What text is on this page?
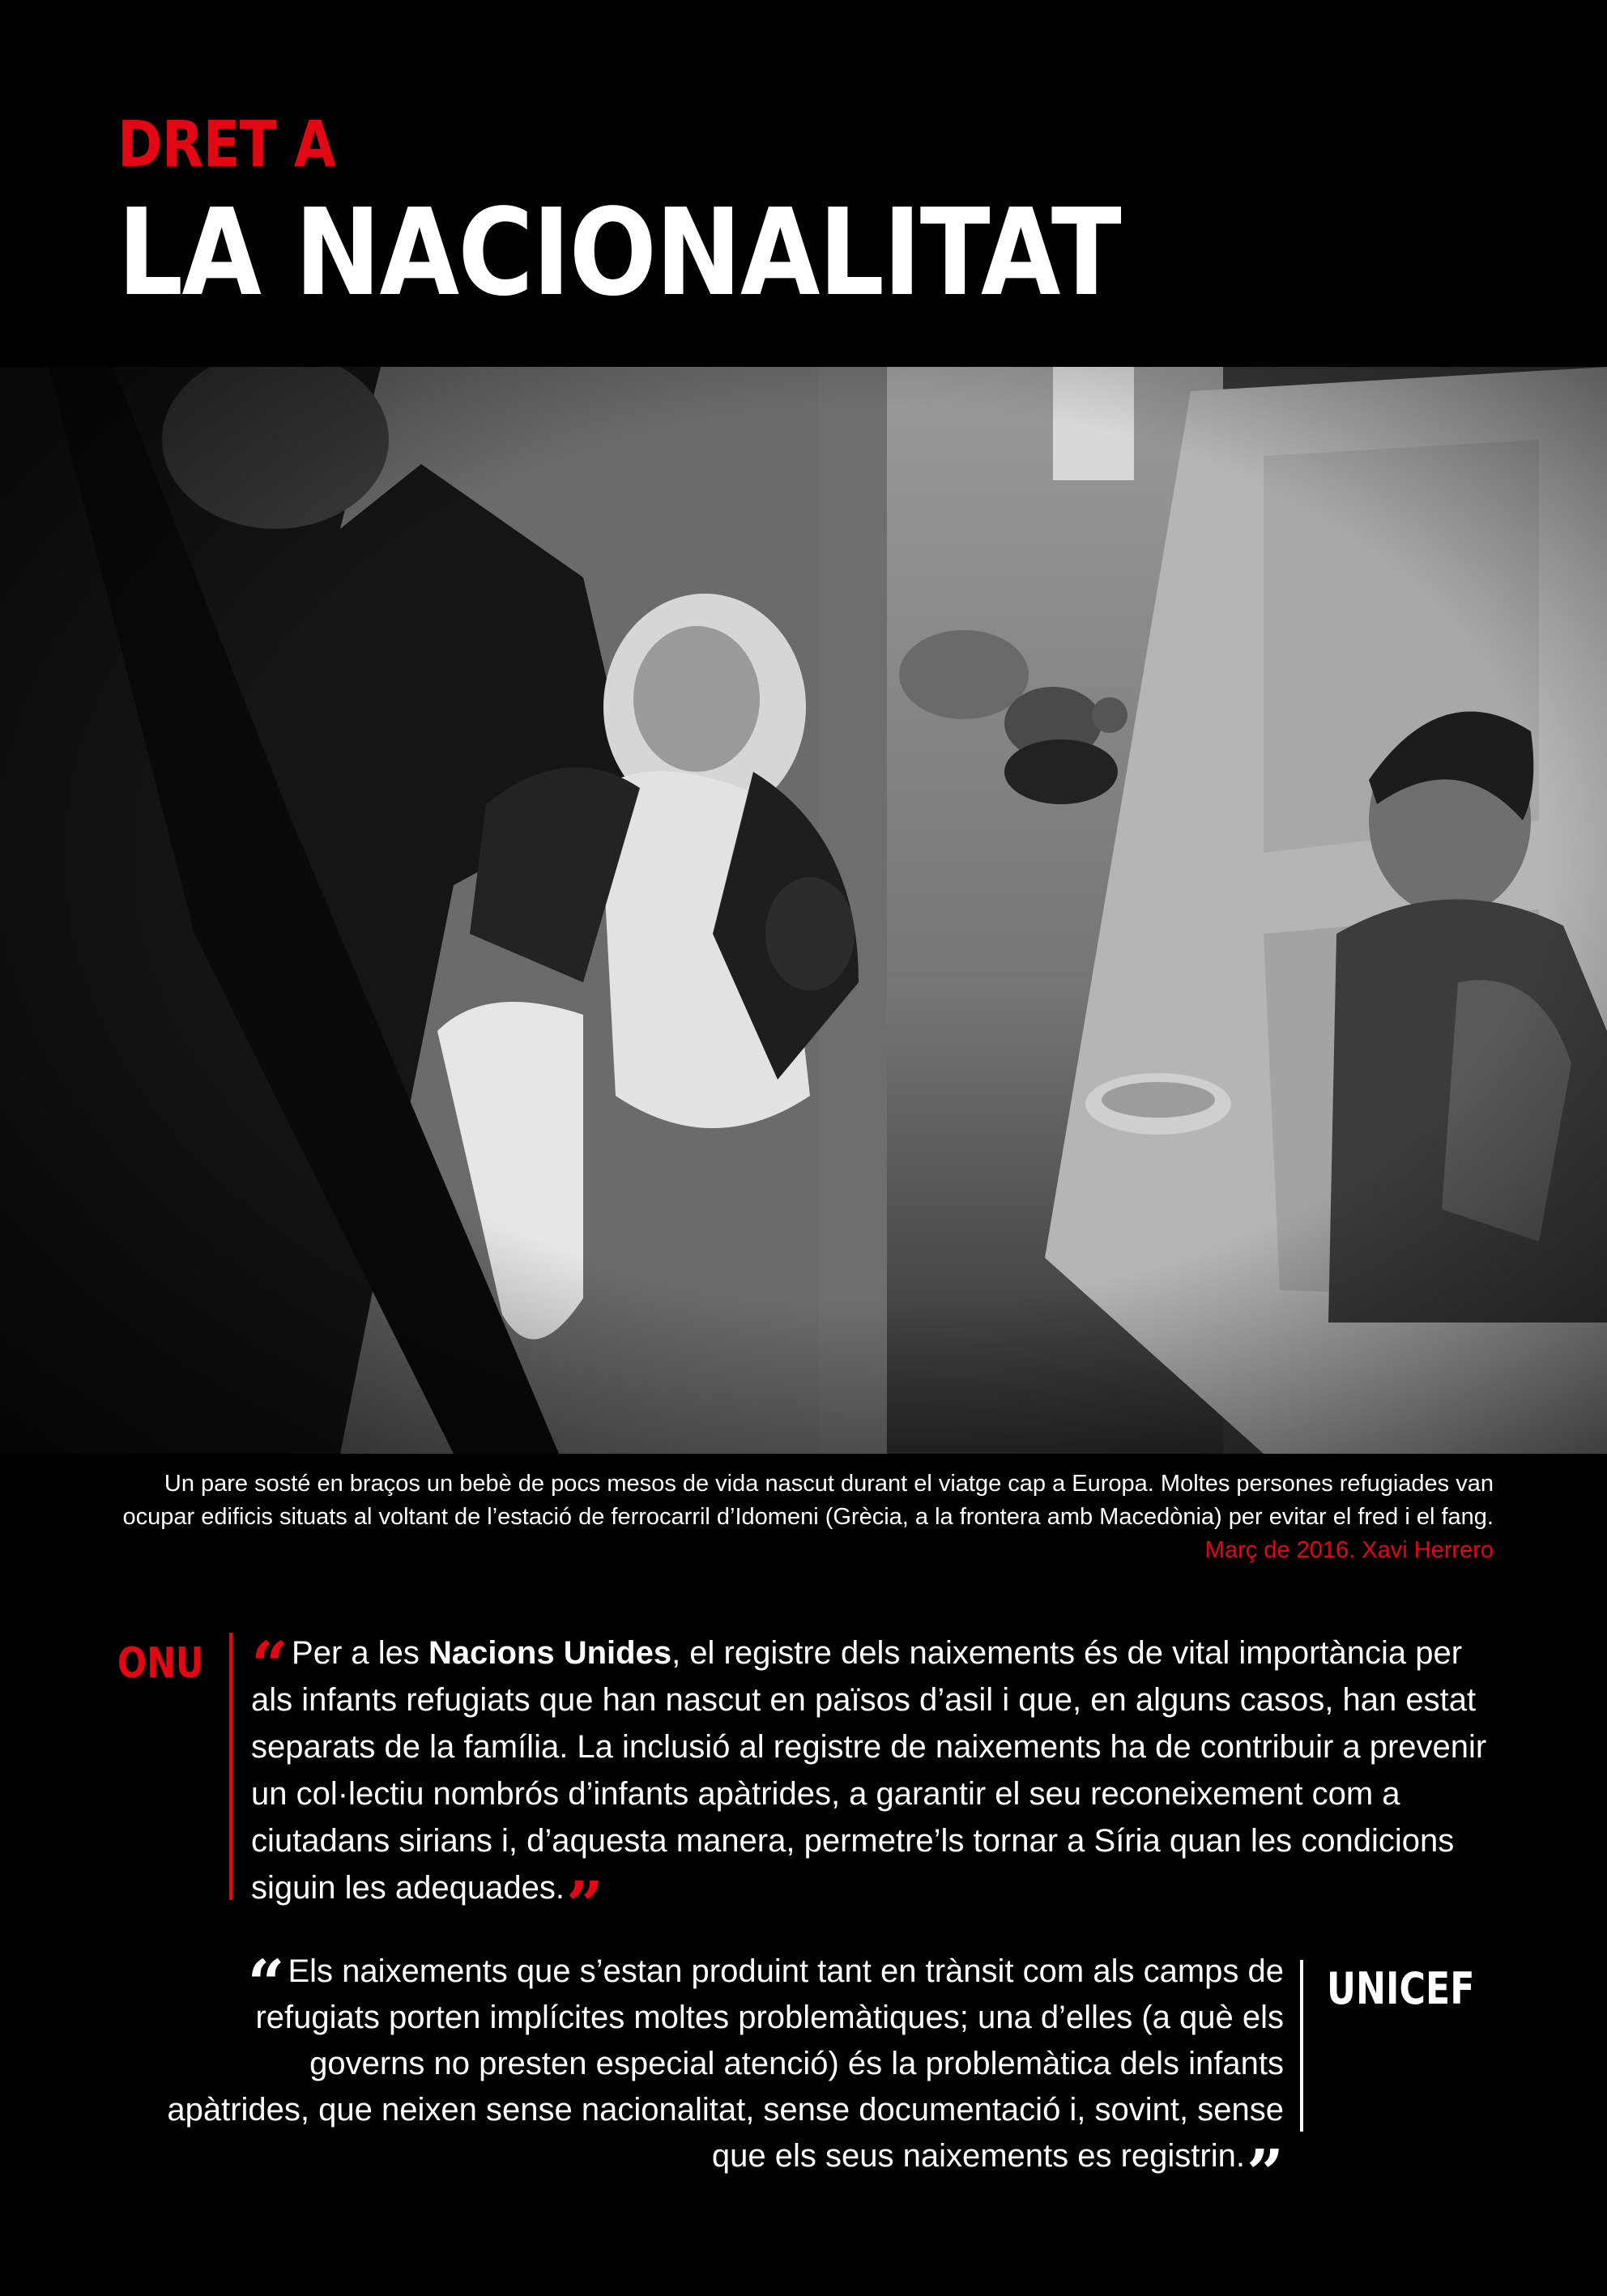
DRET A
LA NACIONALITAT
Un pare sosté en braços un bebè de pocs mesos de vida nascut durant el viatge cap a Europa. Moltes persones refugiades van ocupar edificis situats al voltant de l’estació de ferrocarril d’Idomeni (Grècia, a la frontera amb Macedònia) per evitar el fred i el fang. Març de 2016. Xavi Herrero
ONU “ Per a les Nacions Unides, el registre dels naixements és de vital importància per als infants refugiats que han nascut en països d’asil i que, en alguns casos, han estat separats de la família. La inclusió al registre de naixements ha de contribuir a prevenir un col·lectiu nombrós d’infants apàtrides, a garantir el seu reconeixement com a ciutadans sirians i, d’aquesta manera, permetre’ls tornar a Síria quan les condicions siguin les adequades.”
“ Els naixements que s’estan produint tant en trànsit com als camps de refugiats porten implícites moltes problemàtiques; una d’elles (a què els governs no presten especial atenció) és la problemàtica dels infants apàtrides, que neixen sense nacionalitat, sense documentació i, sovint, sense que els seus naixements es registrin.”
UNICEF
